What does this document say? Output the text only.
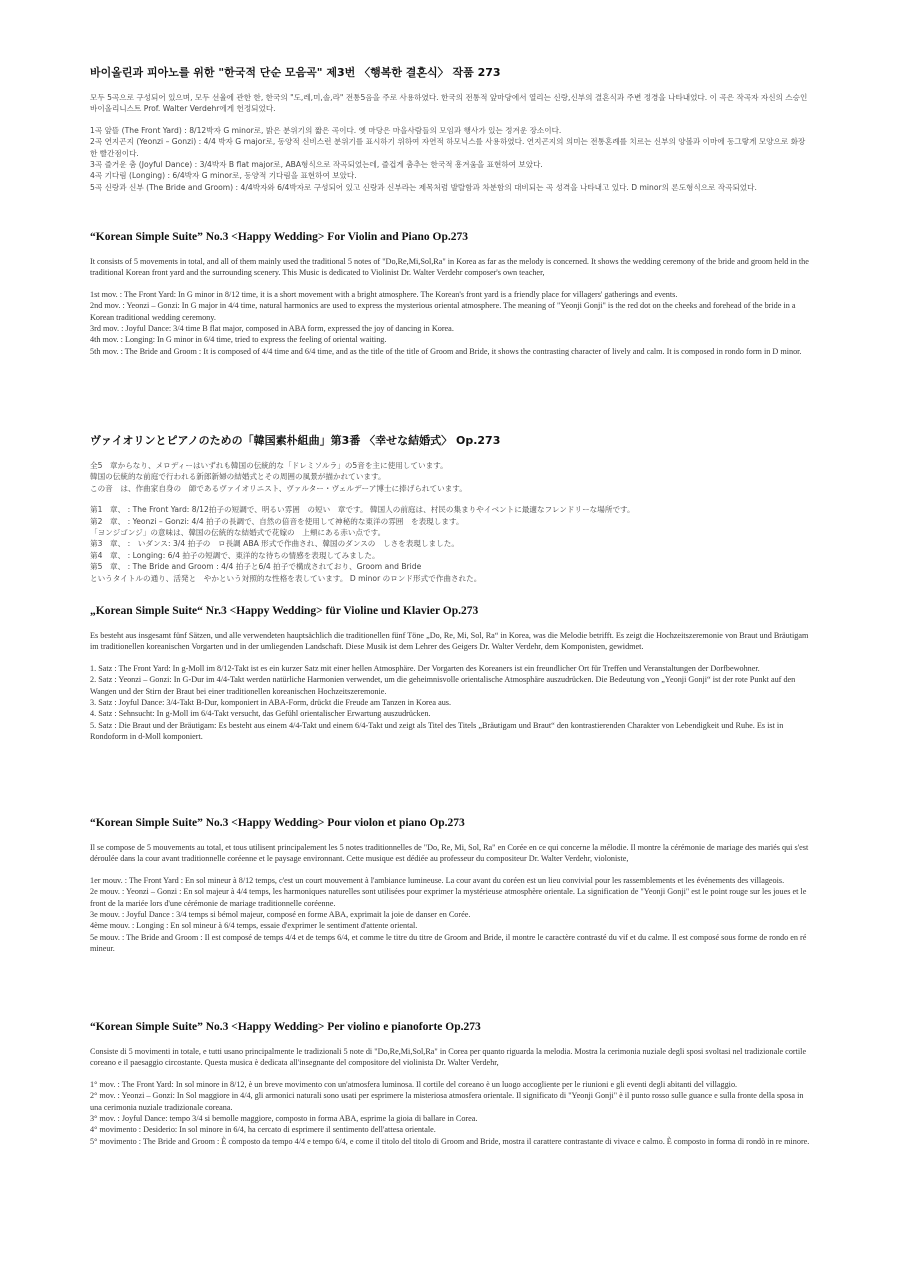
바이올린과 피아노를 위한 "한국적 단순 모음곡" 제3번 〈행복한 결혼식〉 작품 273

모두 5곡으로 구성되어 있으며, 모두 선율에 관한 한, 한국의 "도,레,미,솔,라" 전통5음을 주로 사용하였다. 한국의 전통적 앞마당에서 열리는 신랑,신부의 결혼식과 주변 정경을 나타내었다. 이 곡은 작곡자 자신의 스승인 바이올리니스트 Prof. Walter Verdehr에게 헌정되었다.

1곡 앞뜰 (The Front Yard) : 8/12박자 G minor로, 밝은 분위기의 짧은 곡이다. 옛 마당은 마을사람들의 모임과 행사가 있는 정겨운 장소이다.
2곡 연지곤지 (Yeonzi – Gonzi) : 4/4 박자 G major로, 동양적 신비스런 분위기를 표시하기 위하여 자연적 하모닉스를 사용하였다. 연지곤지의 의미는 전통혼례를 치르는 신부의 양볼과 이마에 동그랗게 모양으로 화장한 빨간점이다.
3곡 즐거운 춤 (Joyful Dance) : 3/4박자 B flat major로, ABA형식으로 작곡되었는데, 즐겁게 춤추는 한국적 흥겨움을 표현하여 보았다.
4곡 기다림 (Longing) : 6/4박자 G minor로, 동양적 기다림을 표현하여 보았다.
5곡 신랑과 신부 (The Bride and Groom) : 4/4박자와 6/4박자로 구성되어 있고 신랑과 신부라는 제목처럼 발랄함과 차분함의 대비되는 곡 성격을 나타내고 있다. D minor의 론도형식으로 작곡되었다.

“Korean Simple Suite” No.3 <Happy Wedding> For Violin and Piano Op.273

It consists of 5 movements in total, and all of them mainly used the traditional 5 notes of "Do,Re,Mi,Sol,Ra" in Korea as far as the melody is concerned. It shows the wedding ceremony of the bride and groom held in the traditional Korean front yard and the surrounding scenery. This Music is dedicated to Violinist Dr. Walter Verdehr composer's own teacher,

1st mov. : The Front Yard: In G minor in 8/12 time, it is a short movement with a bright atmosphere. The Korean's front yard is a friendly place for villagers' gatherings and events.
2nd mov. : Yeonzi – Gonzi: In G major in 4/4 time, natural harmonics are used to express the mysterious oriental atmosphere. The meaning of "Yeonji Gonji" is the red dot on the cheeks and forehead of the bride in a Korean traditional wedding ceremony.
3rd mov. : Joyful Dance: 3/4 time B flat major, composed in ABA form, expressed the joy of dancing in Korea.
4th mov. : Longing: In G minor in 6/4 time, tried to express the feeling of oriental waiting.
5th mov. : The Bride and Groom : It is composed of 4/4 time and 6/4 time, and as the title of the title of Groom and Bride, it shows the contrasting character of lively and calm. It is composed in rondo form in D minor.

ヴァイオリンとピアノのための「韓国素朴組曲」第3番 〈幸せな結婚式〉 Op.273

全5　章からなり、メロディーはいずれも韓国の伝統的な「ドレミソルラ」の5音を主に使用しています。
韓国の伝統的な前庭で行われる新郎新婦の結婚式とその周囲の風景が描かれています。
この音　は、作曲家自身の　師であるヴァイオリニスト、ヴァルター・ヴェルデーア博士に捧げられています。

第1　章、 : The Front Yard: 8/12拍子の短調で、明るい雰囲　の短い　章です。 韓国人の前庭は、村民の集まりやイベントに最適なフレンドリーな場所です。
第2　章、 : Yeonzi – Gonzi: 4/4 拍子の長調で、自然の倍音を使用して神秘的な東洋の雰囲　を表現します。
「ヨンジゴンジ」の意味は、韓国の伝統的な結婚式で花嫁の　上頬にある赤い点です。
第3　章、 :　いダンス: 3/4 拍子の　ロ長調 ABA 形式で作曲され、韓国のダンスの　しさを表現しました。
第4　章、 : Longing: 6/4 拍子の短調で、東洋的な待ちの情感を表現してみました。
第5　章、 : The Bride and Groom : 4/4 拍子と6/4 拍子で構成されており、Groom and Bride
というタイトルの通り、活発と　やかという対照的な性格を表しています。 D minor のロンド形式で作曲された。

„Korean Simple Suite“ Nr.3 <Happy Wedding> für Violine und Klavier Op.273

Es besteht aus insgesamt fünf Sätzen, und alle verwendeten hauptsächlich die traditionellen fünf Töne „Do, Re, Mi, Sol, Ra“ in Korea, was die Melodie betrifft. Es zeigt die Hochzeitszeremonie von Braut und Bräutigam im traditionellen koreanischen Vorgarten und in der umliegenden Landschaft. Diese Musik ist dem Lehrer des Geigers Dr. Walter Verdehr, dem Komponisten, gewidmet.

1. Satz : The Front Yard: In g-Moll im 8/12-Takt ist es ein kurzer Satz mit einer hellen Atmosphäre. Der Vorgarten des Koreaners ist ein freundlicher Ort für Treffen und Veranstaltungen der Dorfbewohner.
2. Satz : Yeonzi – Gonzi: In G-Dur im 4/4-Takt werden natürliche Harmonien verwendet, um die geheimnisvolle orientalische Atmosphäre auszudrücken. Die Bedeutung von „Yeonji Gonji“ ist der rote Punkt auf den Wangen und der Stirn der Braut bei einer traditionellen koreanischen Hochzeitszeremonie.
3. Satz : Joyful Dance: 3/4-Takt B-Dur, komponiert in ABA-Form, drückt die Freude am Tanzen in Korea aus.
4. Satz : Sehnsucht: In g-Moll im 6/4-Takt versucht, das Gefühl orientalischer Erwartung auszudrücken.
5. Satz : Die Braut und der Bräutigam: Es besteht aus einem 4/4-Takt und einem 6/4-Takt und zeigt als Titel des Titels „Bräutigam und Braut“ den kontrastierenden Charakter von Lebendigkeit und Ruhe. Es ist in Rondoform in d-Moll komponiert.

“Korean Simple Suite” No.3 <Happy Wedding> Pour violon et piano Op.273

Il se compose de 5 mouvements au total, et tous utilisent principalement les 5 notes traditionnelles de "Do, Re, Mi, Sol, Ra" en Corée en ce qui concerne la mélodie. Il montre la cérémonie de mariage des mariés qui s'est déroulée dans la cour avant traditionnelle coréenne et le paysage environnant. Cette musique est dédiée au professeur du compositeur Dr. Walter Verdehr, violoniste,

1er mouv. : The Front Yard : En sol mineur à 8/12 temps, c'est un court mouvement à l'ambiance lumineuse. La cour avant du coréen est un lieu convivial pour les rassemblements et les événements des villageois.
2e mouv. : Yeonzi – Gonzi : En sol majeur à 4/4 temps, les harmoniques naturelles sont utilisées pour exprimer la mystérieuse atmosphère orientale. La signification de "Yeonji Gonji" est le point rouge sur les joues et le front de la mariée lors d'une cérémonie de mariage traditionnelle coréenne.
3e mouv. : Joyful Dance : 3/4 temps si bémol majeur, composé en forme ABA, exprimait la joie de danser en Corée.
4ème mouv. : Longing : En sol mineur à 6/4 temps, essaie d'exprimer le sentiment d'attente oriental.
5e mouv. : The Bride and Groom : Il est composé de temps 4/4 et de temps 6/4, et comme le titre du titre de Groom and Bride, il montre le caractère contrasté du vif et du calme. Il est composé sous forme de rondo en ré mineur.

“Korean Simple Suite” No.3 <Happy Wedding> Per violino e pianoforte Op.273

Consiste di 5 movimenti in totale, e tutti usano principalmente le tradizionali 5 note di "Do,Re,Mi,Sol,Ra" in Corea per quanto riguarda la melodia. Mostra la cerimonia nuziale degli sposi svoltasi nel tradizionale cortile coreano e il paesaggio circostante. Questa musica è dedicata all'insegnante del compositore del violinista Dr. Walter Verdehr,

1° mov. : The Front Yard: In sol minore in 8/12, è un breve movimento con un'atmosfera luminosa. Il cortile del coreano è un luogo accogliente per le riunioni e gli eventi degli abitanti del villaggio.
2° mov. : Yeonzi – Gonzi: In Sol maggiore in 4/4, gli armonici naturali sono usati per esprimere la misteriosa atmosfera orientale. Il significato di "Yeonji Gonji" è il punto rosso sulle guance e sulla fronte della sposa in una cerimonia nuziale tradizionale coreana.
3° mov. : Joyful Dance: tempo 3/4 si bemolle maggiore, composto in forma ABA, esprime la gioia di ballare in Corea.
4° movimento : Desiderio: In sol minore in 6/4, ha cercato di esprimere il sentimento dell'attesa orientale.
5° movimento : The Bride and Groom : È composto da tempo 4/4 e tempo 6/4, e come il titolo del titolo di Groom and Bride, mostra il carattere contrastante di vivace e calmo. È composto in forma di rondò in re minore.
